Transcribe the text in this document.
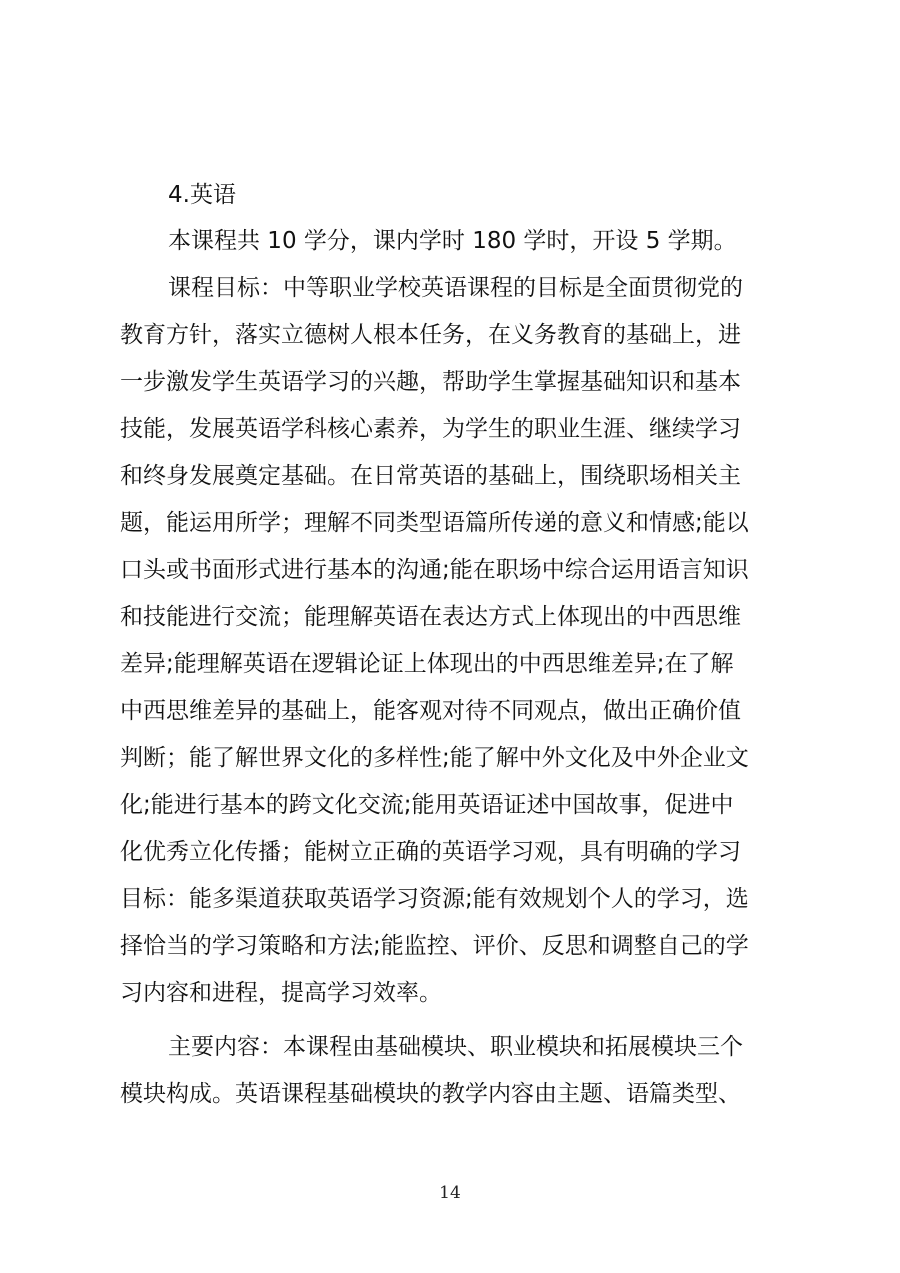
4.英语
本课程共 10 学分，课内学时 180 学时，开设 5 学期。
课程目标：中等职业学校英语课程的目标是全面贯彻党的
教育方针，落实立德树人根本任务，在义务教育的基础上，进
一步激发学生英语学习的兴趣，帮助学生掌握基础知识和基本
技能，发展英语学科核心素养，为学生的职业生涯、继续学习
和终身发展奠定基础。在日常英语的基础上，围绕职场相关主
题，能运用所学；理解不同类型语篇所传递的意义和情感;能以
口头或书面形式进行基本的沟通;能在职场中综合运用语言知识
和技能进行交流；能理解英语在表达方式上体现出的中西思维
差异;能理解英语在逻辑论证上体现出的中西思维差异;在了解
中西思维差异的基础上，能客观对待不同观点，做出正确价值
判断；能了解世界文化的多样性;能了解中外文化及中外企业文
化;能进行基本的跨文化交流;能用英语证述中国故事，促进中
化优秀立化传播；能树立正确的英语学习观，具有明确的学习
目标：能多渠道获取英语学习资源;能有效规划个人的学习，选
择恰当的学习策略和方法;能监控、评价、反思和调整自己的学
习内容和进程，提高学习效率。
主要内容：本课程由基础模块、职业模块和拓展模块三个
模块构成。英语课程基础模块的教学内容由主题、语篇类型、
14
